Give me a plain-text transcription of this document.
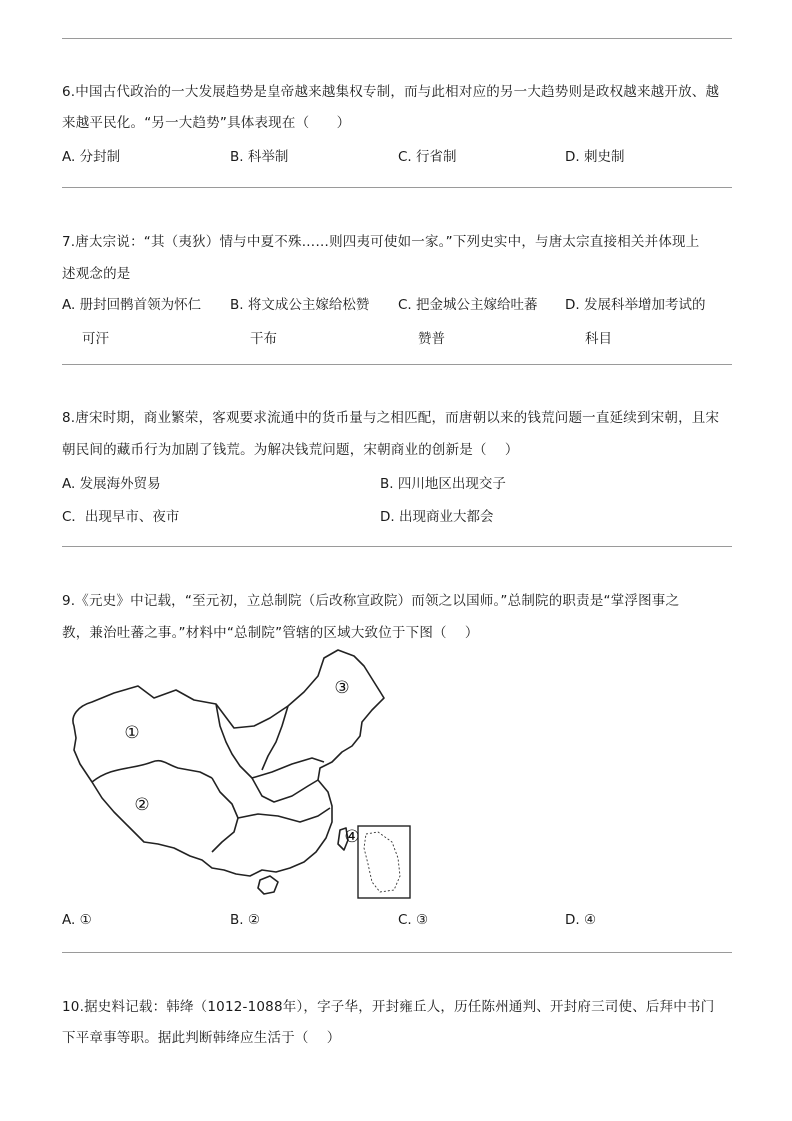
6.中国古代政治的一大发展趋势是皇帝越来越集权专制，而与此相对应的另一大趋势则是政权越来越开放、越
来越平民化。“另一大趋势”具体表现在（　　）
A. 分封制	B. 科举制	C. 行省制	D. 刺史制
7.唐太宗说：“其（夷狄）情与中夏不殊……则四夷可使如一家。”下列史实中，与唐太宗直接相关并体现上
述观念的是
A. 册封回鹘首领为怀仁
可汗
B. 将文成公主嫁给松赞
干布
C. 把金城公主嫁给吐蕃
赞普
D. 发展科举增加考试的
科目
8.唐宋时期，商业繁荣，客观要求流通中的货币量与之相匹配，而唐朝以来的钱荒问题一直延续到宋朝，且宋
朝民间的藏币行为加剧了钱荒。为解决钱荒问题，宋朝商业的创新是（　 ）
A. 发展海外贸易	B. 四川地区出现交子
C．出现早市、夜市	D. 出现商业大都会
9.《元史》中记载，“至元初，立总制院（后改称宣政院）而领之以国师。”总制院的职责是“掌浮图事之
教，兼治吐蕃之事。”材料中“总制院”管辖的区域大致位于下图（　 ）
①
②
③
④
A. ①	B. ②	C. ③	D. ④
10.据史料记载：韩绛（1012-1088年），字子华，开封雍丘人，历任陈州通判、开封府三司使、后拜中书门
下平章事等职。据此判断韩绛应生活于（　 ）
